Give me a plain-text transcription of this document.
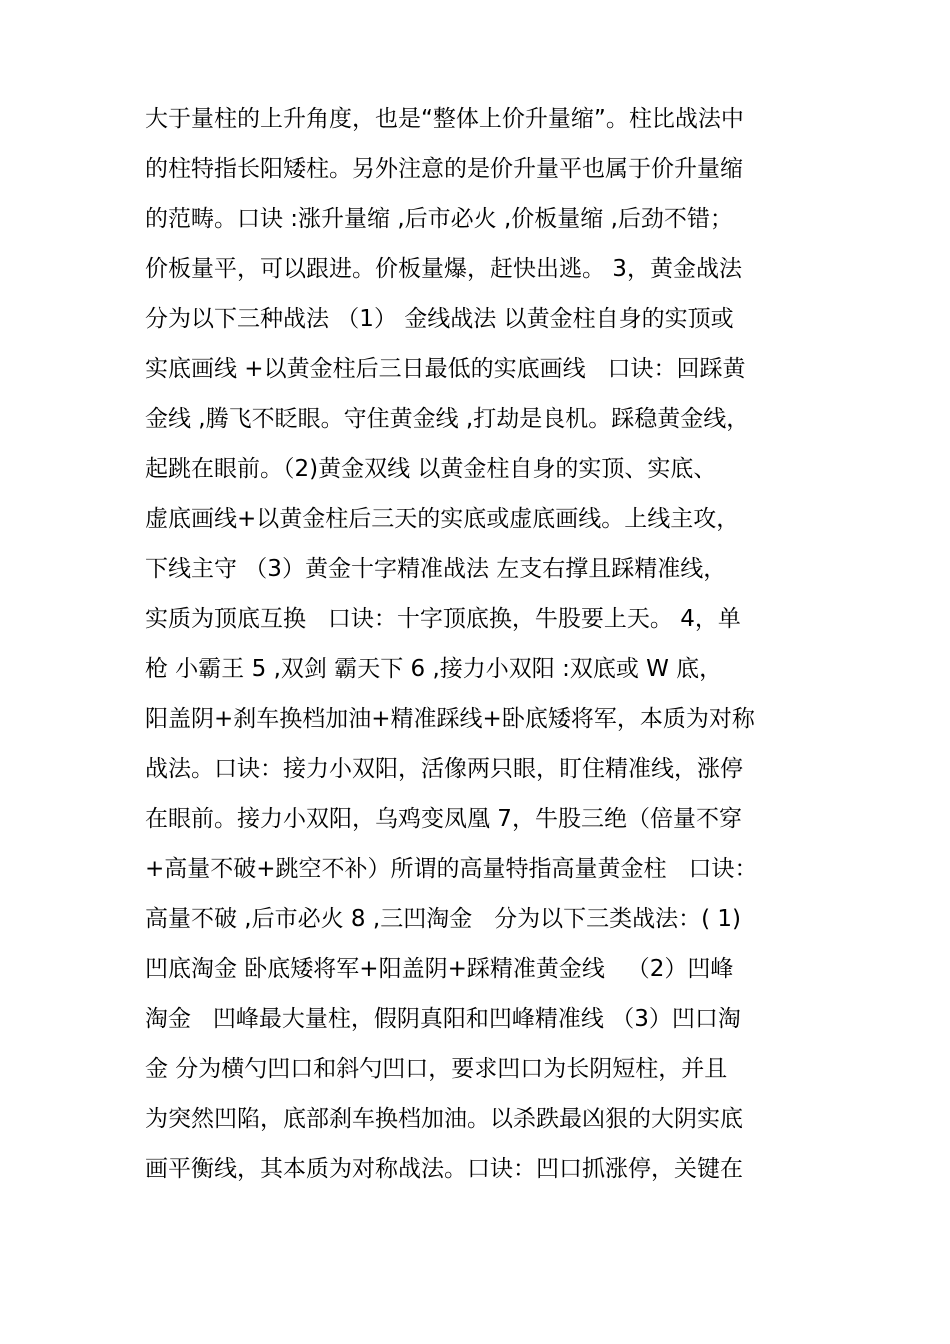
大于量柱的上升角度，也是“整体上价升量缩”。柱比战法中
的柱特指长阳矮柱。另外注意的是价升量平也属于价升量缩
的范畴。口诀 :涨升量缩 ,后市必火 ,价板量缩 ,后劲不错；
价板量平，可以跟进。价板量爆，赶快出逃。 3，黄金战法
分为以下三种战法 （1） 金线战法 以黄金柱自身的实顶或
实底画线 +以黄金柱后三日最低的实底画线   口诀：回踩黄
金线 ,腾飞不眨眼。守住黄金线 ,打劫是良机。踩稳黄金线，
起跳在眼前。（2)黄金双线 以黄金柱自身的实顶、实底、
虚底画线+以黄金柱后三天的实底或虚底画线。上线主攻，
下线主守 （3）黄金十字精准战法 左支右撑且踩精准线，
实质为顶底互换   口诀：十字顶底换，牛股要上天。 4，单
枪 小霸王 5 ,双剑 霸天下 6 ,接力小双阳 :双底或 W 底，
阳盖阴+刹车换档加油+精准踩线+卧底矮将军，本质为对称
战法。口诀：接力小双阳，活像两只眼，盯住精准线，涨停
在眼前。接力小双阳，乌鸡变凤凰 7，牛股三绝（倍量不穿
+高量不破+跳空不补）所谓的高量特指高量黄金柱   口诀：
高量不破 ,后市必火 8 ,三凹淘金   分为以下三类战法：( 1)
凹底淘金 卧底矮将军+阳盖阴+踩精准黄金线   （2）凹峰
淘金   凹峰最大量柱，假阴真阳和凹峰精准线 （3）凹口淘
金 分为横勺凹口和斜勺凹口，要求凹口为长阴短柱，并且
为突然凹陷，底部刹车换档加油。以杀跌最凶狠的大阴实底
画平衡线，其本质为对称战法。口诀：凹口抓涨停，关键在
